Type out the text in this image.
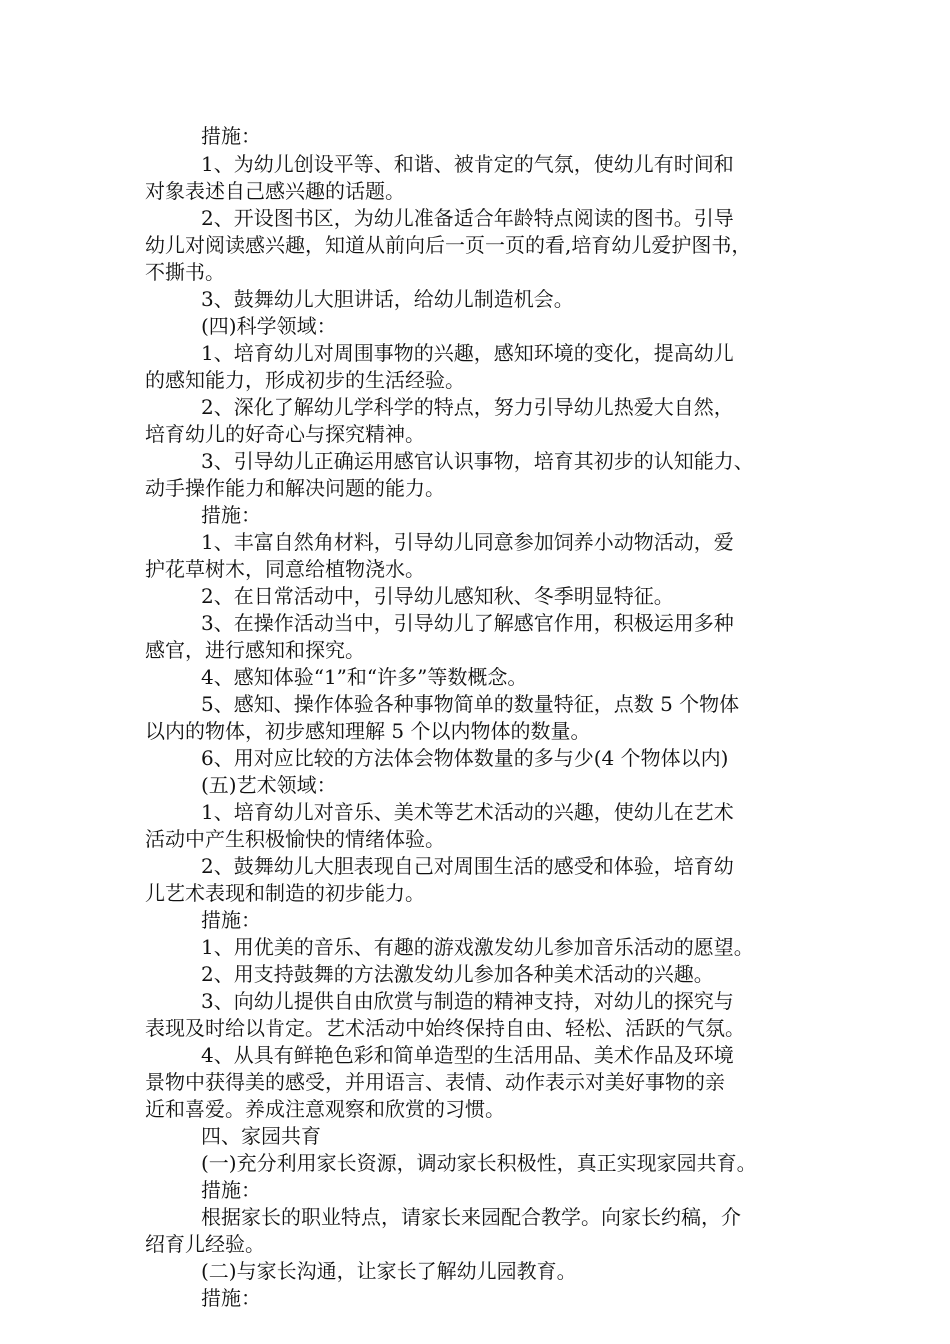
措施：
1、为幼儿创设平等、和谐、被肯定的气氛，使幼儿有时间和
对象表述自己感兴趣的话题。
2、开设图书区，为幼儿准备适合年龄特点阅读的图书。引导
幼儿对阅读感兴趣，知道从前向后一页一页的看,培育幼儿爱护图书，
不撕书。
3、鼓舞幼儿大胆讲话，给幼儿制造机会。
(四)科学领域：
1、培育幼儿对周围事物的兴趣，感知环境的变化，提高幼儿
的感知能力，形成初步的生活经验。
2、深化了解幼儿学科学的特点，努力引导幼儿热爱大自然，
培育幼儿的好奇心与探究精神。
3、引导幼儿正确运用感官认识事物，培育其初步的认知能力、
动手操作能力和解决问题的能力。
措施：
1、丰富自然角材料，引导幼儿同意参加饲养小动物活动，爱
护花草树木，同意给植物浇水。
2、在日常活动中，引导幼儿感知秋、冬季明显特征。
3、在操作活动当中，引导幼儿了解感官作用，积极运用多种
感官，进行感知和探究。
4、感知体验“1”和“许多”等数概念。
5、感知、操作体验各种事物简单的数量特征，点数 5 个物体
以内的物体，初步感知理解 5 个以内物体的数量。
6、用对应比较的方法体会物体数量的多与少(4 个物体以内)
(五)艺术领域：
1、培育幼儿对音乐、美术等艺术活动的兴趣，使幼儿在艺术
活动中产生积极愉快的情绪体验。
2、鼓舞幼儿大胆表现自己对周围生活的感受和体验，培育幼
儿艺术表现和制造的初步能力。
措施：
1、用优美的音乐、有趣的游戏激发幼儿参加音乐活动的愿望。
2、用支持鼓舞的方法激发幼儿参加各种美术活动的兴趣。
3、向幼儿提供自由欣赏与制造的精神支持，对幼儿的探究与
表现及时给以肯定。艺术活动中始终保持自由、轻松、活跃的气氛。
4、从具有鲜艳色彩和简单造型的生活用品、美术作品及环境
景物中获得美的感受，并用语言、表情、动作表示对美好事物的亲
近和喜爱。养成注意观察和欣赏的习惯。
四、家园共育
(一)充分利用家长资源，调动家长积极性，真正实现家园共育。
措施：
根据家长的职业特点，请家长来园配合教学。向家长约稿，介
绍育儿经验。
(二)与家长沟通，让家长了解幼儿园教育。
措施：
